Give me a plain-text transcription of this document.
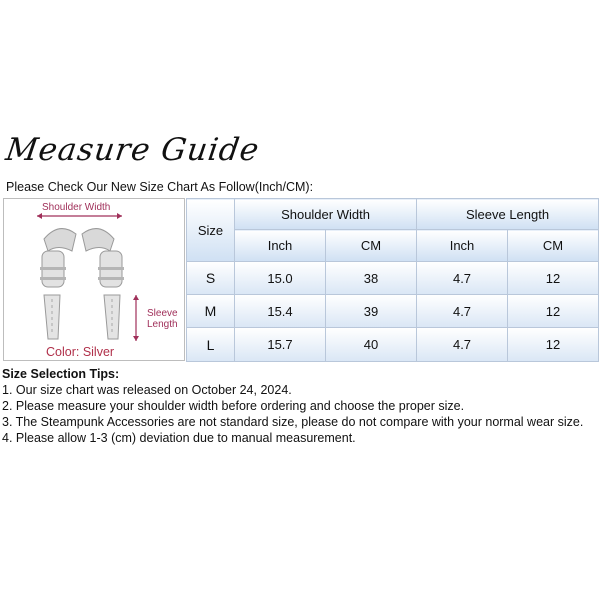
Measure Guide
Please Check Our New Size Chart As Follow(Inch/CM):
Shoulder Width
Sleeve
Length
Color: Silver
Size	Shoulder Width		Sleeve Length	
	Inch	CM	Inch	CM
S	15.0	38	4.7	12
M	15.4	39	4.7	12
L	15.7	40	4.7	12
Size Selection Tips:
1. Our size chart was released on October 24, 2024.
2. Please measure your shoulder width before ordering and choose the proper size.
3. The Steampunk Accessories are not standard size, please do not compare with your normal wear size.
4. Please allow 1-3 (cm) deviation due to manual measurement.
